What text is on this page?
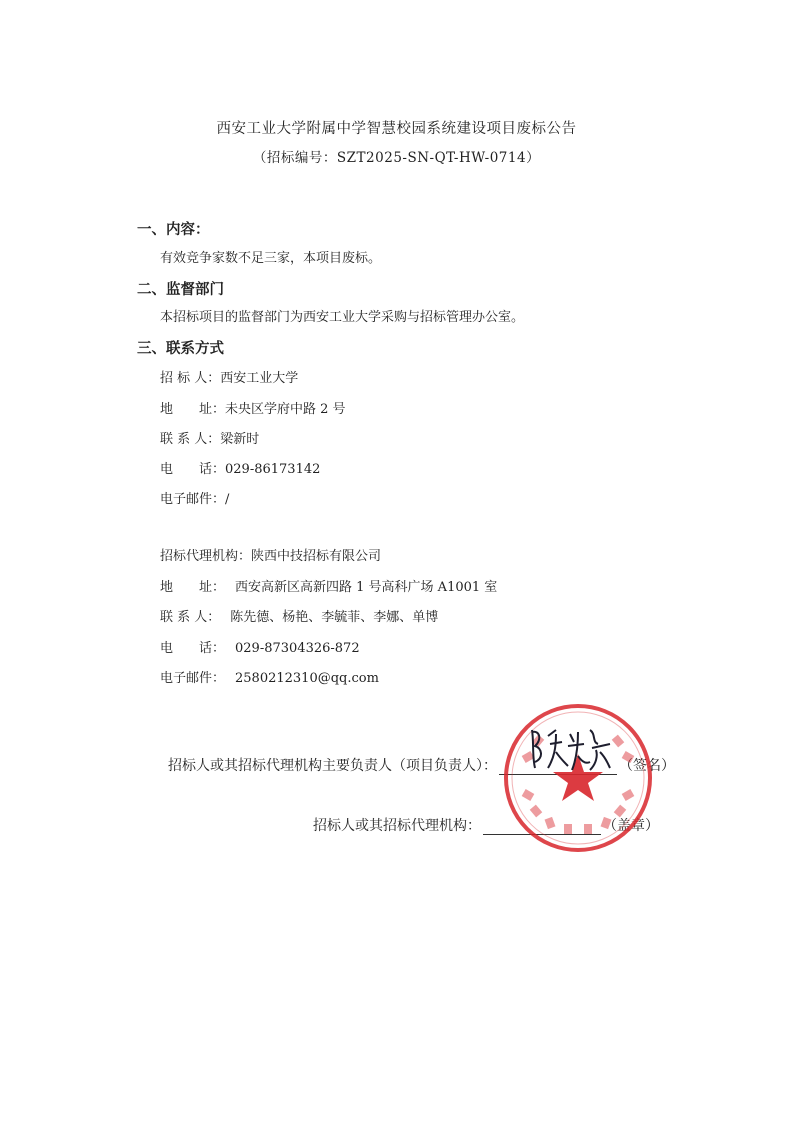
西安工业大学附属中学智慧校园系统建设项目废标公告
（招标编号：SZT2025-SN-QT-HW-0714）
一、内容：
有效竞争家数不足三家，本项目废标。
二、监督部门
本招标项目的监督部门为西安工业大学采购与招标管理办公室。
三、联系方式
招 标 人：西安工业大学
地　　址：未央区学府中路 2 号
联 系 人：梁新时
电　　话：029-86173142
电子邮件：/
招标代理机构：陕西中技招标有限公司
地　　址： 西安高新区高新四路 1 号高科广场 A1001 室
联 系 人： 陈先德、杨艳、李毓菲、李娜、单博
电　　话： 029-87304326-872
电子邮件： 2580212310@qq.com
招标人或其招标代理机构主要负责人（项目负责人）：	（签名）
招标人或其招标代理机构：	（盖章）
